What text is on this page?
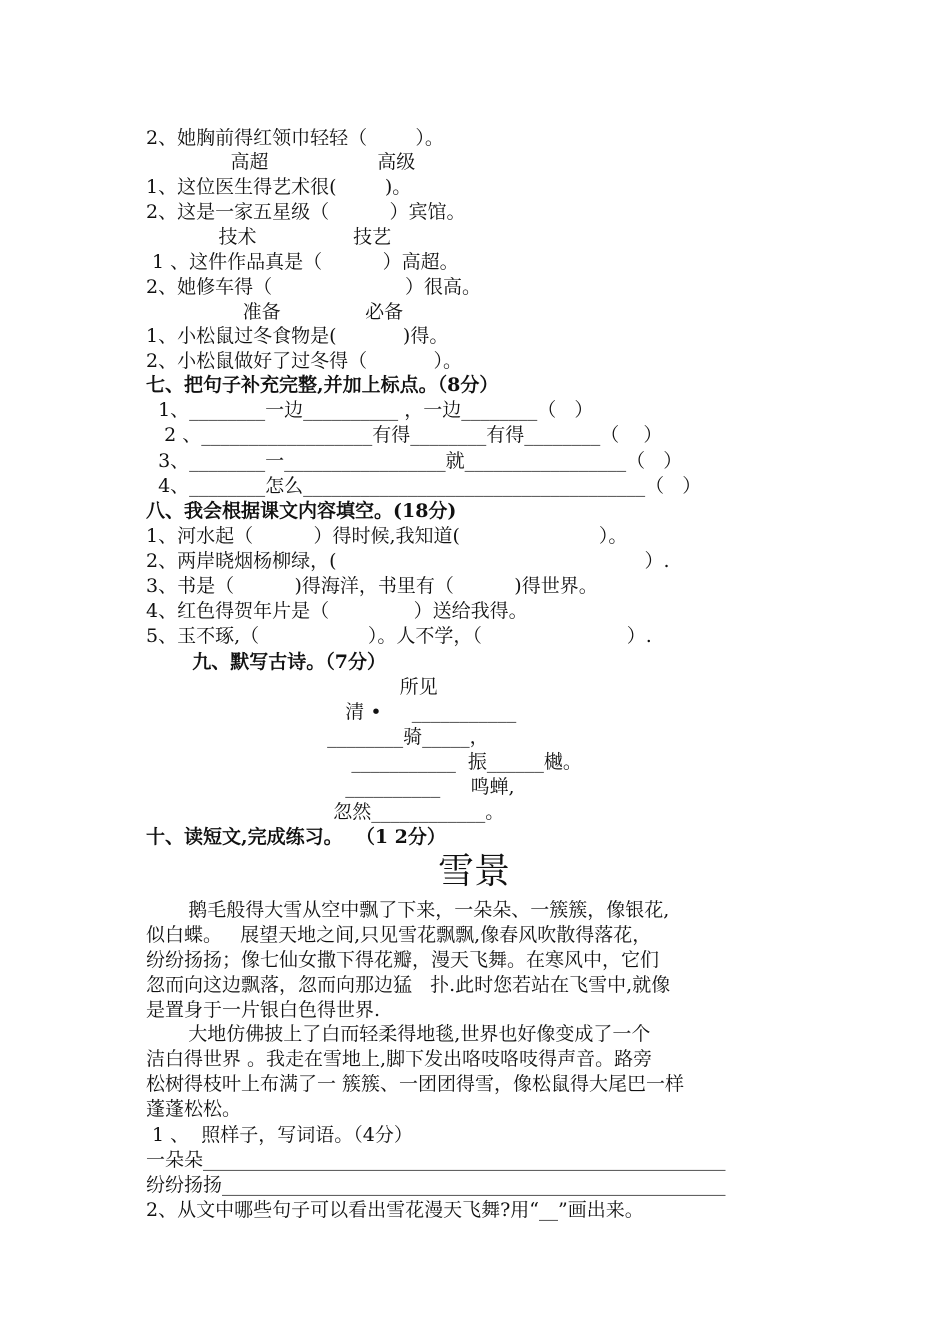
2、她胸前得红领巾轻轻（        ）。
高超                  高级
1、这位医生得艺术很(        )。
2、这是一家五星级（          ）宾馆。
技术                技艺
1 、这件作品真是（          ）高超。
2、她修车得（                      ）很高。
准备              必备
1、小松鼠过冬食物是(           )得。
2、小松鼠做好了过冬得（           ）。
七、把句子补充完整,并加上标点。（8分）
1、________一边__________ ，一边________（   ）
2 、__________________有得________有得________（    ）
3、________一_________________就_________________（   ）
4、________怎么____________________________________（   ）
八、我会根据课文内容填空。(18分)
1、河水起（          ）得时候,我知道(                       ）。
2、两岸晓烟杨柳绿，(                                                   ）.
3、书是（          )得海洋，书里有（          )得世界。
4、红色得贺年片是（              ）送给我得。
5、玉不琢,（                  ）。人不学，（                        ）.
九、默写古诗。（7分）
所见
清 •     ___________
________骑_____，
___________  振______樾。
__________     鸣蝉,
忽然____________。
十、读短文,完成练习。  （1 2分）
雪景
鹅毛般得大雪从空中飘了下来，一朵朵、一簇簇，像银花,
似白蝶。   展望天地之间,只见雪花飘飘,像春风吹散得落花，
纷纷扬扬；像七仙女撒下得花瓣，漫天飞舞。在寒风中，它们
忽而向这边飘落，忽而向那边猛   扑.此时您若站在飞雪中,就像
是置身于一片银白色得世界.
大地仿佛披上了白而轻柔得地毯,世界也好像变成了一个
洁白得世界 。我走在雪地上,脚下发出咯吱咯吱得声音。路旁
松树得枝叶上布满了一 簇簇、一团团得雪，像松鼠得大尾巴一样
蓬蓬松松。
1 、  照样子，写词语。（4分）
一朵朵_______________________________________________________
纷纷扬扬_____________________________________________________
2、从文中哪些句子可以看出雪花漫天飞舞?用“__”画出来。
